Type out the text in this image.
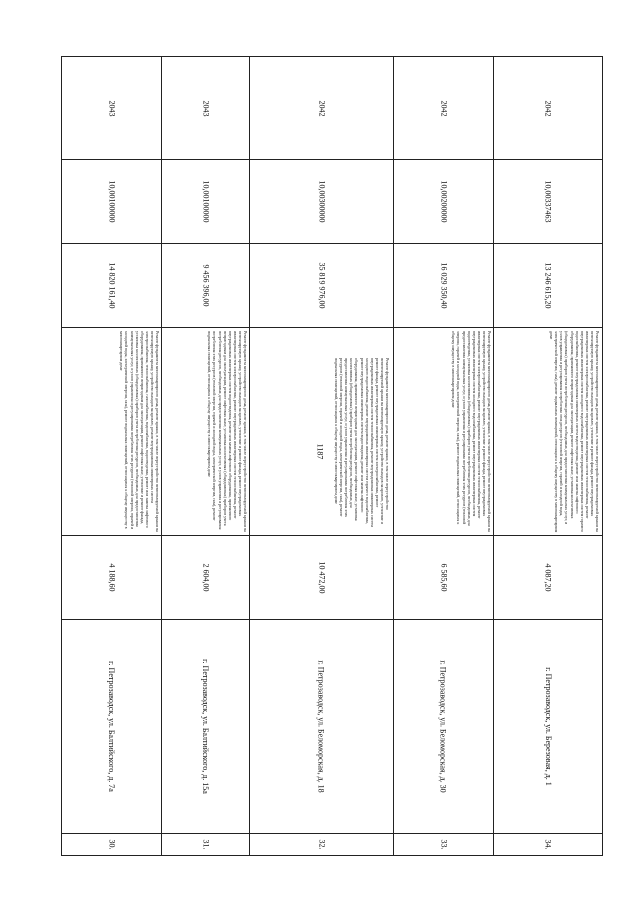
1187
2043
10,00100000
14 820 161,40
Ремонт фундамента многоквартирного дома, ремонт крыши, в том числе переустройство невентилируемой крыши на вентилируемую крышу, устройство выходов на кровлю, ремонт внутридомовых инженерных систем электроснабжения, теплоснабжения, газоснабжения, водоснабжения, водоотведения, ремонт или замена лифтового оборудования, признанного непригодным для эксплуатации, ремонт лифтовых шахт, утепление и ремонт фасада, установка коллективных (общедомовых) приборов учета потребления ресурсов, необходимых для предоставления коммунальных услуг, и узлов управления и регулирования потребления этих ресурсов (тепловой энергии, горячей и холодной воды, электрической энергии, газа), ремонт подвальных помещений, относящихся к общему имуществу в многоквартирном доме
4 188,60
г. Петрозаводск, ул. Балтийского, д. 7а
30.
2043
10,00100000
9 456 396,00
Ремонт фундамента многоквартирного дома, ремонт крыши, в том числе переустройство невентилируемой крыши на вентилируемую крышу, устройство выходов на кровлю, утепление и ремонт фасада, ремонт внутридомовых инженерных систем электроснабжения, ремонт внутридомовых инженерных систем теплоснабжения, ремонт внутридомовых инженерных систем водоотведения, ремонт или замена лифтового оборудования, признанного непригодным для эксплуатации, ремонт лифтовых шахт, установка коллективных (общедомовых) приборов учета потребления ресурсов, необходимых для предоставления коммунальных услуг, и узлов управления и регулирования потребления этих ресурсов (тепловой энергии, горячей и холодной воды, электрической энергии, газа), ремонт подвальных помещений, относящихся к общему имуществу в многоквартирном доме
2 604,00
г. Петрозаводск, ул. Балтийского, д. 15а
31.
2042
10,00300000
35 819 976,00
Ремонт фундамента многоквартирного дома, ремонт крыши, в том числе переустройство невентилируемой крыши на вентилируемую крышу, устройство выходов на кровлю, утепление и ремонт фасада, ремонт внутридомовых инженерных систем электроснабжения, ремонт внутридомовых инженерных систем теплоснабжения, ремонт внутридомовых инженерных систем холодного водоснабжения, ремонт внутридомовых инженерных систем горячего водоснабжения, ремонт внутридомовых инженерных систем водоотведения, ремонт или замена лифтового оборудования, признанного непригодным для эксплуатации, ремонт лифтовых шахт, установка коллективных (общедомовых) приборов учета потребления ресурсов, необходимых для предоставления коммунальных услуг, и узлов управления и регулирования потребления этих ресурсов (тепловой энергии, горячей и холодной воды, электрической энергии, газа), ремонт подвальных помещений, относящихся к общему имуществу в многоквартирном доме
10 472,00
г. Петрозаводск, ул. Беломорская, д. 18
32.
2042
10,00200000
16 029 350,40
Ремонт фундамента многоквартирного дома, ремонт крыши, в том числе переустройство невентилируемой крыши на вентилируемую крышу, устройство выходов на кровлю, утепление и ремонт фасада, ремонт внутридомовых инженерных систем электроснабжения, ремонт внутридомовых инженерных систем теплоснабжения, ремонт внутридомовых инженерных систем холодного водоснабжения, ремонт внутридомовых инженерных систем водоотведения, установка коллективных (общедомовых) приборов учета потребления ресурсов, необходимых для предоставления коммунальных услуг, и узлов управления и регулирования потребления этих ресурсов (тепловой энергии, горячей и холодной воды, электрической энергии, газа), ремонт подвальных помещений, относящихся к общему имуществу в многоквартирном доме
6 585,60
г. Петрозаводск, ул. Беломорская, д. 30
33.
2042
10,00337463
13 246 615,20
Ремонт фундамента многоквартирного дома, ремонт крыши, в том числе переустройство невентилируемой крыши на вентилируемую крышу, устройство выходов на кровлю, утепление и ремонт фасада, ремонт внутридомовых инженерных систем электроснабжения, ремонт внутридомовых инженерных систем теплоснабжения, ремонт внутридомовых инженерных систем холодного водоснабжения, ремонт внутридомовых инженерных систем горячего водоснабжения, ремонт внутридомовых инженерных систем водоотведения, ремонт или замена лифтового оборудования, признанного непригодным для эксплуатации, ремонт лифтовых шахт, установка коллективных (общедомовых) приборов учета потребления ресурсов, необходимых для предоставления коммунальных услуг, и узлов управления и регулирования потребления этих ресурсов (тепловой энергии, горячей и холодной воды, электрической энергии, газа), ремонт подвальных помещений, относящихся к общему имуществу в многоквартирном доме
4 087,20
г. Петрозаводск, ул. Березовая, д. 1
34.
